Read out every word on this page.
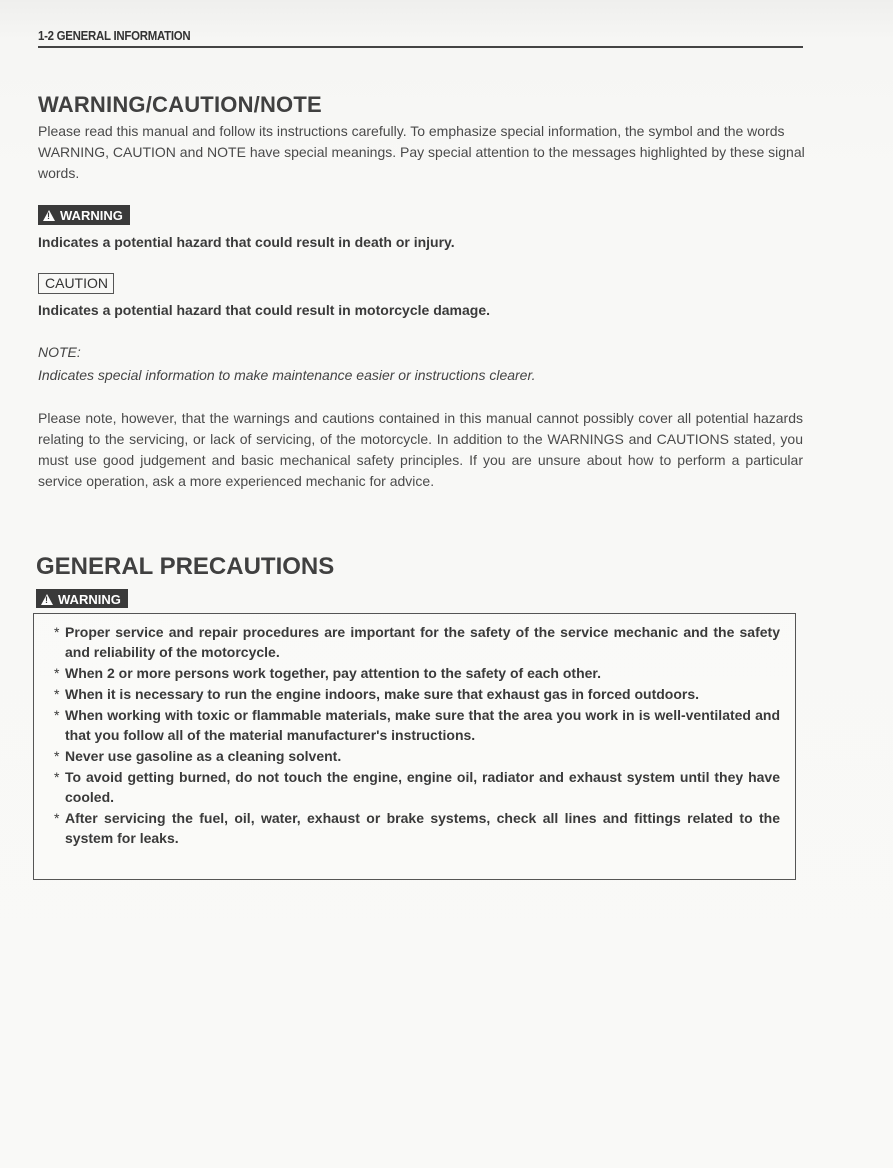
1-2 GENERAL INFORMATION
WARNING/CAUTION/NOTE

Please read this manual and follow its instructions carefully. To emphasize special information, the symbol and the words WARNING, CAUTION and NOTE have special meanings. Pay special attention to the messages highlighted by these signal words.

!
WARNING
Indicates a potential hazard that could result in death or injury.
CAUTION
Indicates a potential hazard that could result in motorcycle damage.
NOTE:
Indicates special information to make maintenance easier or instructions clearer.

Please note, however, that the warnings and cautions contained in this manual cannot possibly cover all potential hazards relating to the servicing, or lack of servicing, of the motorcycle. In addition to the WARNINGS and CAUTIONS stated, you must use good judgement and basic mechanical safety principles. If you are unsure about how to perform a particular service operation, ask a more experienced mechanic for advice.

GENERAL PRECAUTIONS
!
WARNING
* Proper service and repair procedures are important for the safety of the service mechanic and the safety and reliability of the motorcycle.
* When 2 or more persons work together, pay attention to the safety of each other.
* When it is necessary to run the engine indoors, make sure that exhaust gas in forced outdoors.
* When working with toxic or flammable materials, make sure that the area you work in is well-ventilated and that you follow all of the material manufacturer's instructions.
* Never use gasoline as a cleaning solvent.
* To avoid getting burned, do not touch the engine, engine oil, radiator and exhaust system until they have cooled.
* After servicing the fuel, oil, water, exhaust or brake systems, check all lines and fittings related to the system for leaks.
